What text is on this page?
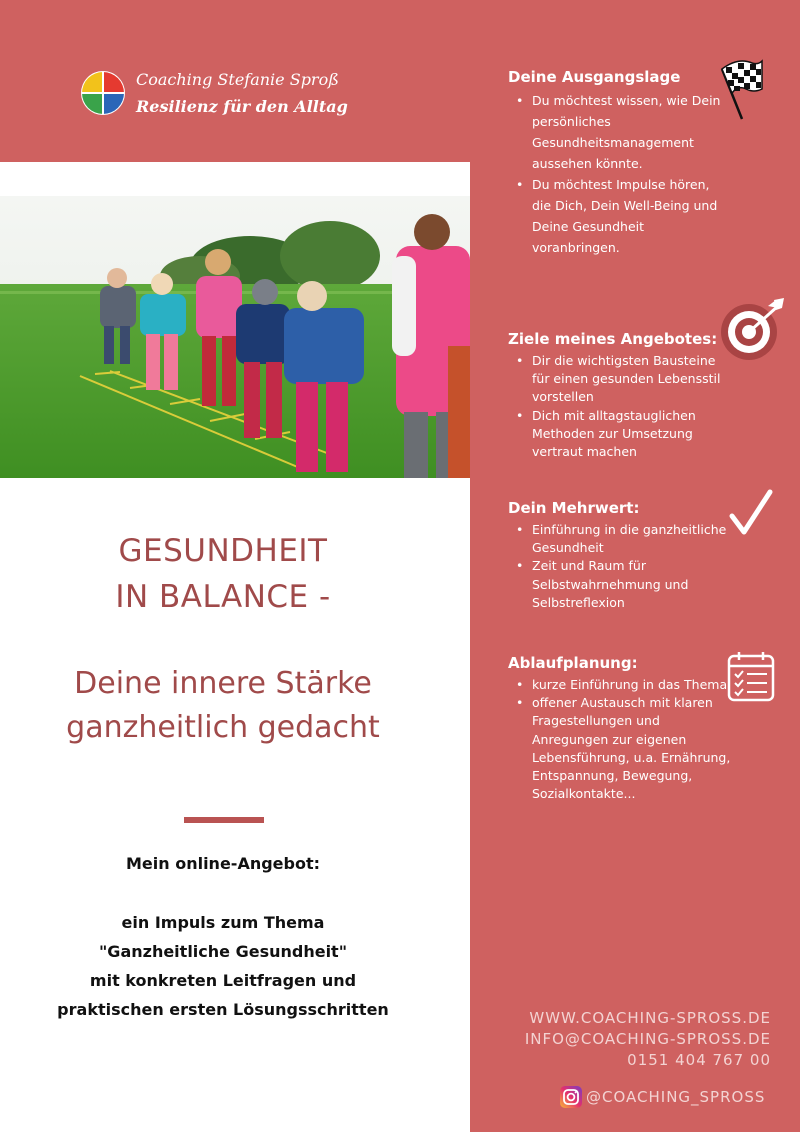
Coaching Stefanie Sproß
Resilienz für den Alltag
GESUNDHEIT
IN BALANCE -
Deine innere Stärke
ganzheitlich gedacht
Mein online-Angebot:
ein Impuls zum Thema
"Ganzheitliche Gesundheit"
mit konkreten Leitfragen und
praktischen ersten Lösungsschritten
Deine Ausgangslage
• Du möchtest wissen, wie Dein
persönliches
Gesundheitsmanagement
aussehen könnte.
• Du möchtest Impulse hören,
die Dich, Dein Well-Being und
Deine Gesundheit
voranbringen.
Ziele meines Angebotes:
• Dir die wichtigsten Bausteine
für einen gesunden Lebensstil
vorstellen
• Dich mit alltagstauglichen
Methoden zur Umsetzung
vertraut machen
Dein Mehrwert:
• Einführung in die ganzheitliche
Gesundheit
• Zeit und Raum für
Selbstwahrnehmung und
Selbstreflexion
Ablaufplanung:
• kurze Einführung in das Thema
• offener Austausch mit klaren
Fragestellungen und
Anregungen zur eigenen
Lebensführung, u.a. Ernährung,
Entspannung, Bewegung,
Sozialkontakte...
WWW.COACHING-SPROSS.DE
INFO@COACHING-SPROSS.DE
0151 404 767 00
@COACHING_SPROSS
